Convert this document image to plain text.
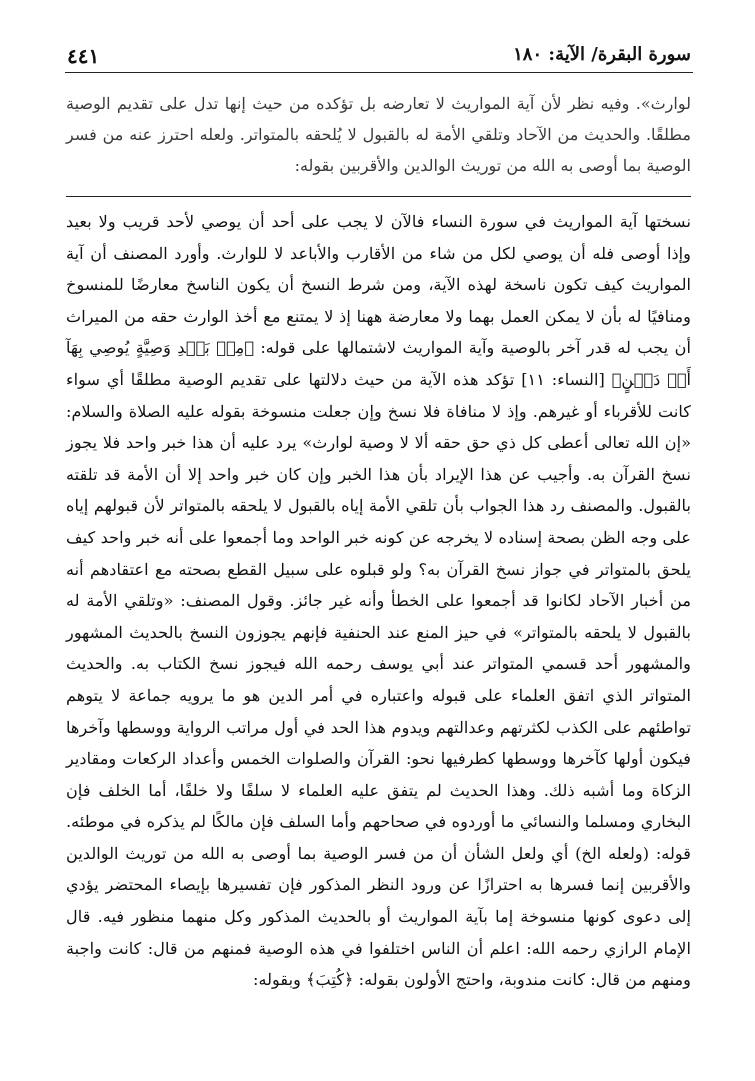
٤٤١	سورة البقرة/ الآية: ١٨٠

لوارث». وفيه نظر لأن آية المواريث لا تعارضه بل تؤكده من حيث إنها تدل على تقديم الوصية مطلقًا. والحديث من الآحاد وتلقي الأمة له بالقبول لا يُلحقه بالمتواتر. ولعله احترز عنه من فسر الوصية بما أوصى به الله من توريث الوالدين والأقربين بقوله:

نسختها آية المواريث في سورة النساء فالآن لا يجب على أحد أن يوصي لأحد قريب ولا بعيد وإذا أوصى فله أن يوصي لكل من شاء من الأقارب والأباعد لا للوارث. وأورد المصنف أن آية المواريث كيف تكون ناسخة لهذه الآية، ومن شرط النسخ أن يكون الناسخ معارضًا للمنسوخ ومنافيًا له بأن لا يمكن العمل بهما ولا معارضة ههنا إذ لا يمتنع مع أخذ الوارث حقه من الميراث أن يجب له قدر آخر بالوصية وآية المواريث لاشتمالها على قوله: ﴿مِنۢ بَعۡدِ وَصِيَّةٍ يُوصِي بِهَآ أَوۡ دَيۡنٍ﴾ [النساء: ١١] تؤكد هذه الآية من حيث دلالتها على تقديم الوصية مطلقًا أي سواء كانت للأقرباء أو غيرهم. وإذ لا منافاة فلا نسخ وإن جعلت منسوخة بقوله عليه الصلاة والسلام: «إن الله تعالى أعطى كل ذي حق حقه ألا لا وصية لوارث» يرد عليه أن هذا خبر واحد فلا يجوز نسخ القرآن به. وأجيب عن هذا الإيراد بأن هذا الخبر وإن كان خبر واحد إلا أن الأمة قد تلقته بالقبول. والمصنف رد هذا الجواب بأن تلقي الأمة إياه بالقبول لا يلحقه بالمتواتر لأن قبولهم إياه على وجه الظن بصحة إسناده لا يخرجه عن كونه خبر الواحد وما أجمعوا على أنه خبر واحد كيف يلحق بالمتواتر في جواز نسخ القرآن به؟ ولو قبلوه على سبيل القطع بصحته مع اعتقادهم أنه من أخبار الآحاد لكانوا قد أجمعوا على الخطأ وأنه غير جائز. وقول المصنف: «وتلقي الأمة له بالقبول لا يلحقه بالمتواتر» في حيز المنع عند الحنفية فإنهم يجوزون النسخ بالحديث المشهور والمشهور أحد قسمي المتواتر عند أبي يوسف رحمه الله فيجوز نسخ الكتاب به. والحديث المتواتر الذي اتفق العلماء على قبوله واعتباره في أمر الدين هو ما يرويه جماعة لا يتوهم تواطئهم على الكذب لكثرتهم وعدالتهم ويدوم هذا الحد في أول مراتب الرواية ووسطها وآخرها فيكون أولها كآخرها ووسطها كطرفيها نحو: القرآن والصلوات الخمس وأعداد الركعات ومقادير الزكاة وما أشبه ذلك. وهذا الحديث لم يتفق عليه العلماء لا سلفًا ولا خلفًا، أما الخلف فإن البخاري ومسلما والنسائي ما أوردوه في صحاحهم وأما السلف فإن مالكًا لم يذكره في موطئه. قوله: (ولعله الخ) أي ولعل الشأن أن من فسر الوصية بما أوصى به الله من توريث الوالدين والأقربين إنما فسرها به احترازًا عن ورود النظر المذكور فإن تفسيرها بإيصاء المحتضر يؤدي إلى دعوى كونها منسوخة إما بآية المواريث أو بالحديث المذكور وكل منهما منظور فيه. قال الإمام الرازي رحمه الله: اعلم أن الناس اختلفوا في هذه الوصية فمنهم من قال: كانت واجبة ومنهم من قال: كانت مندوبة، واحتج الأولون بقوله: ﴿كُتِبَ﴾ وبقوله:
